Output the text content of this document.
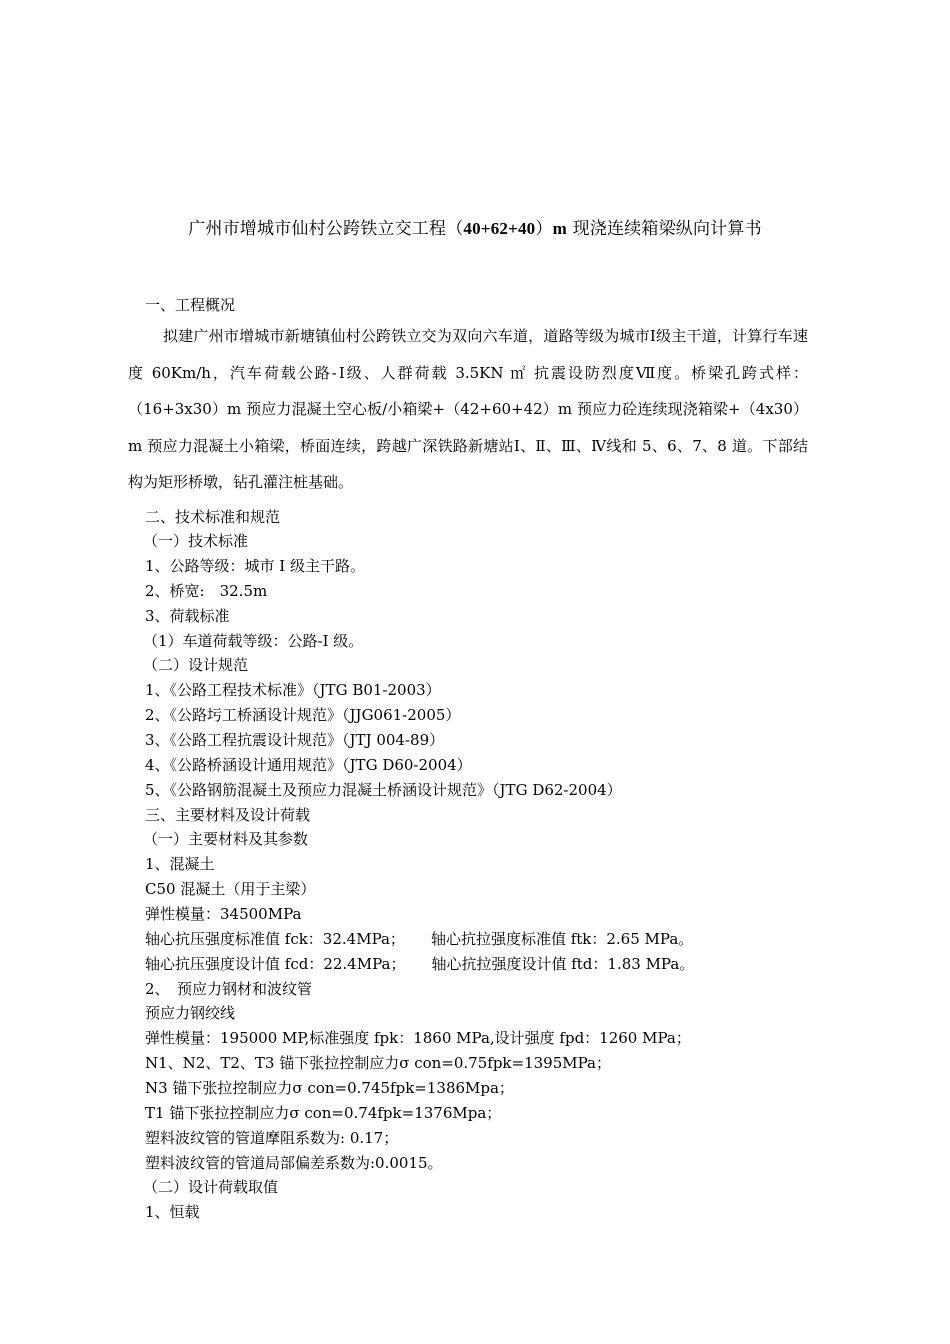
广州市增城市仙村公跨铁立交工程（40+62+40）m 现浇连续箱梁纵向计算书
一、工程概况
拟建广州市增城市新塘镇仙村公跨铁立交为双向六车道，道路等级为城市Ⅰ级主干道，计算行车速度 60Km/h，汽车荷载公路-Ⅰ级、人群荷载 3.5KN ㎡ 抗震设防烈度Ⅶ度。桥梁孔跨式样：（16+3x30）m 预应力混凝土空心板/小箱梁+（42+60+42）m 预应力砼连续现浇箱梁+（4x30）m 预应力混凝土小箱梁，桥面连续，跨越广深铁路新塘站Ⅰ、Ⅱ、Ⅲ、Ⅳ线和 5、6、7、8 道。下部结构为矩形桥墩，钻孔灌注桩基础。
二、技术标准和规范
（一）技术标准
1、公路等级：城市 I 级主干路。
2、桥宽:　32.5m
3、荷载标准
（1）车道荷载等级：公路-I 级。
（二）设计规范
1、《公路工程技术标准》（JTG B01-2003）
2、《公路圬工桥涵设计规范》（JJG061-2005）
3、《公路工程抗震设计规范》（JTJ 004-89）
4、《公路桥涵设计通用规范》（JTG D60-2004）
5、《公路钢筋混凝土及预应力混凝土桥涵设计规范》（JTG D62-2004）
三、主要材料及设计荷载
（一）主要材料及其参数
1、混凝土
C50 混凝土（用于主梁）
弹性模量：34500MPa
轴心抗压强度标准值 fck：32.4MPa； 轴心抗拉强度标准值 ftk：2.65 MPa。
轴心抗压强度设计值 fcd：22.4MPa； 轴心抗拉强度设计值 ftd：1.83 MPa。
2、　预应力钢材和波纹管
预应力钢绞线
弹性模量：195000 MP,标准强度 fpk：1860 MPa,设计强度 fpd：1260 MPa；
N1、N2、T2、T3 锚下张拉控制应力σ con=0.75fpk=1395MPa；
N3 锚下张拉控制应力σ con=0.745fpk=1386Mpa；
T1 锚下张拉控制应力σ con=0.74fpk=1376Mpa；
塑料波纹管的管道摩阻系数为: 0.17；
塑料波纹管的管道局部偏差系数为:0.0015。
（二）设计荷载取值
1、恒载
